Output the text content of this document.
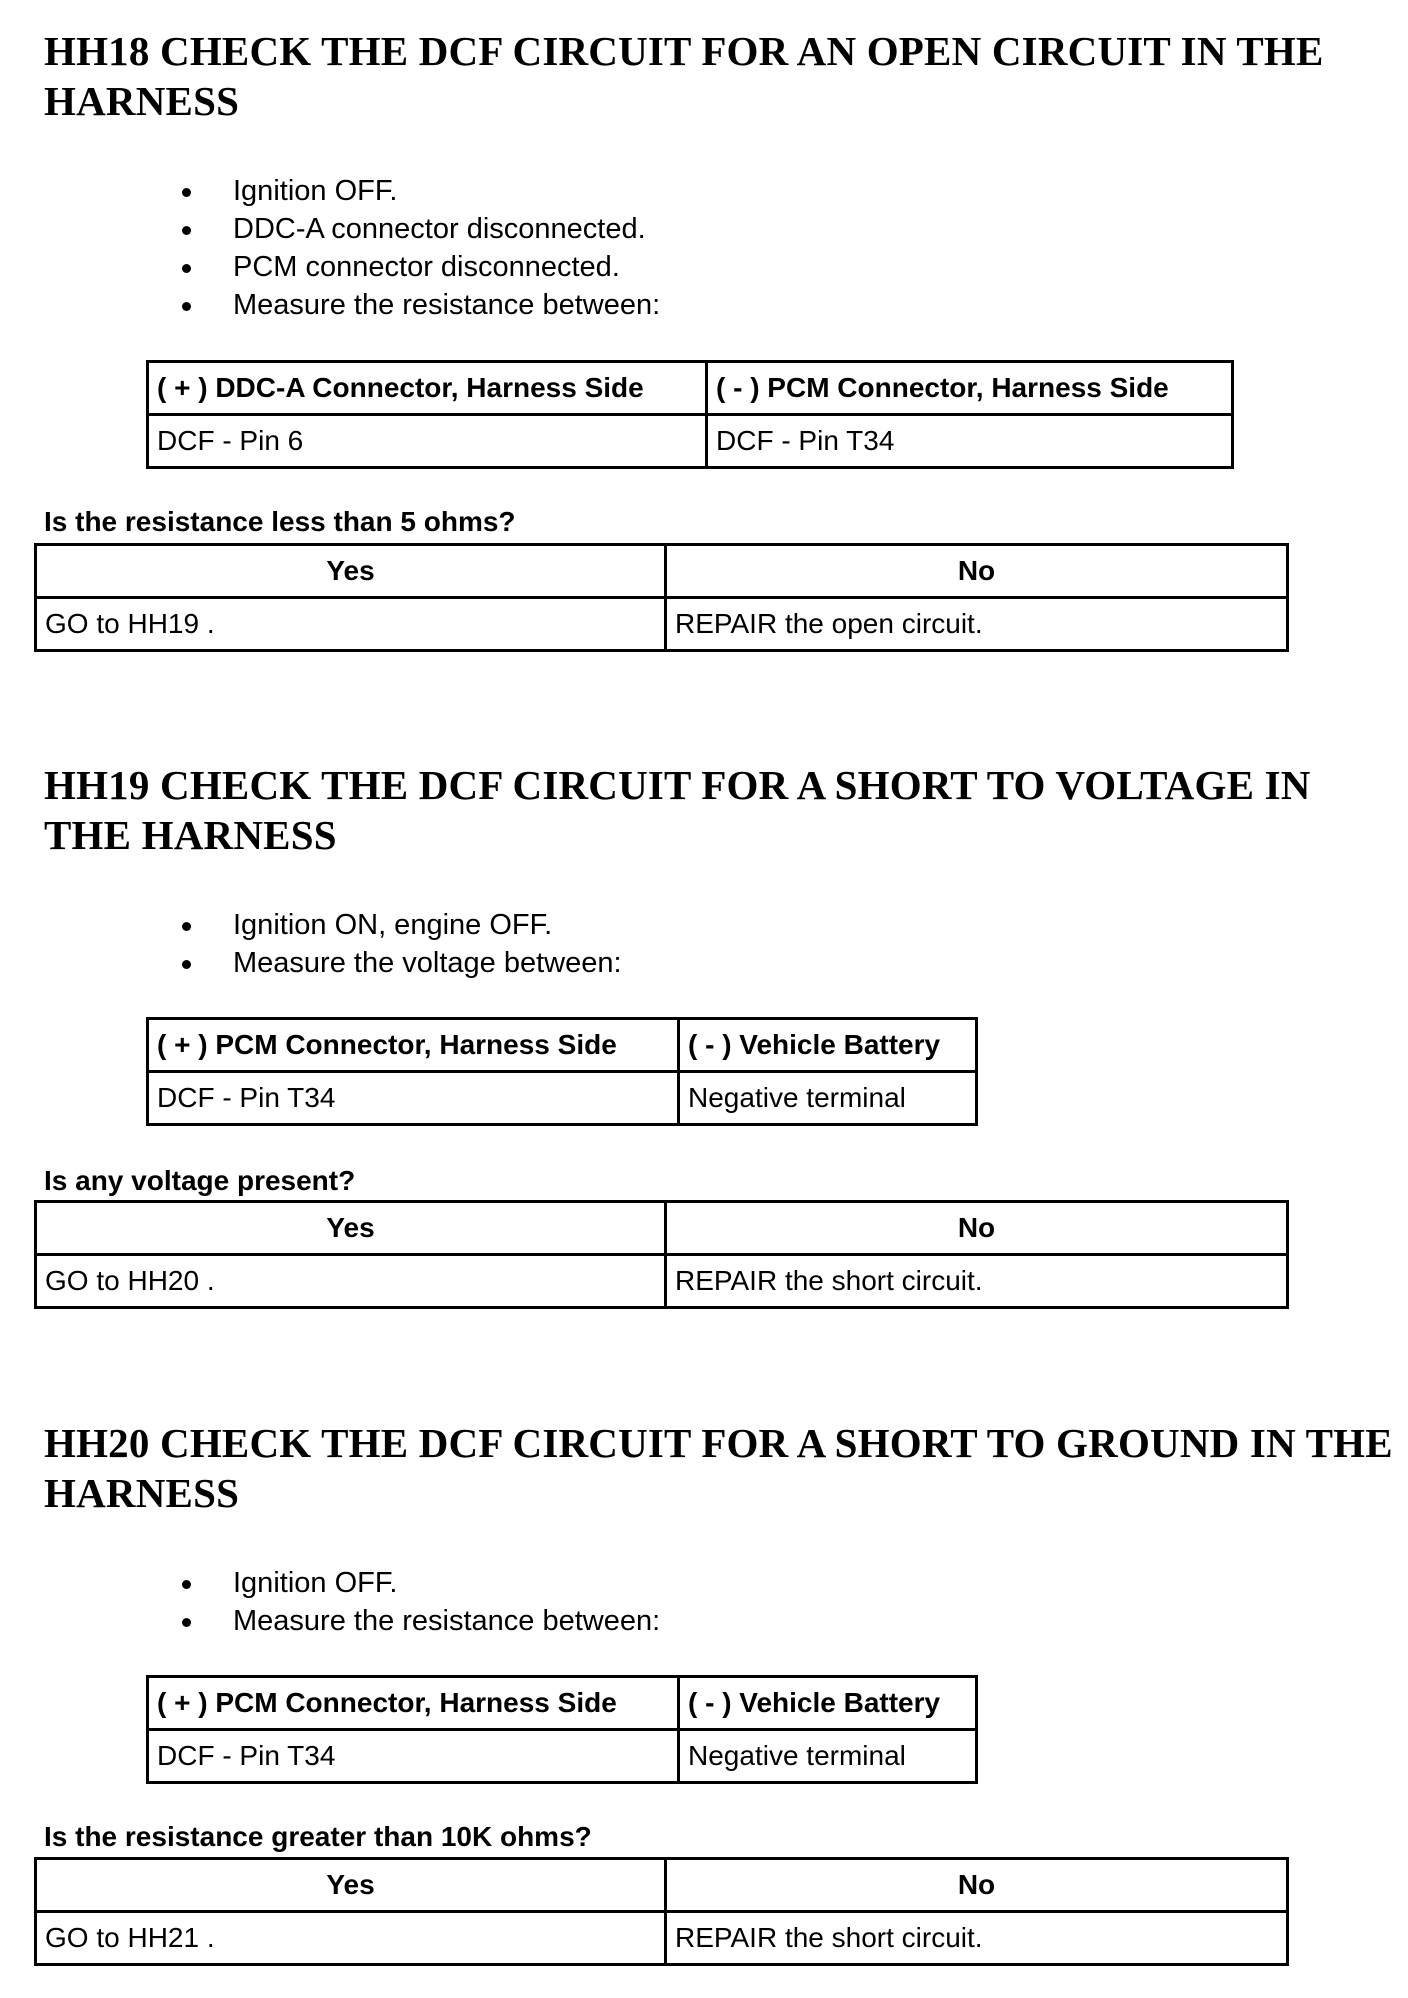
HH18 CHECK THE DCF CIRCUIT FOR AN OPEN CIRCUIT IN THE HARNESS
Ignition OFF.
DDC-A connector disconnected.
PCM connector disconnected.
Measure the resistance between:
( + ) DDC-A Connector, Harness Side	( - ) PCM Connector, Harness Side
DCF - Pin 6	DCF - Pin T34

Is the resistance less than 5 ohms?

Yes	No
GO to HH19 .	REPAIR the open circuit.
HH19 CHECK THE DCF CIRCUIT FOR A SHORT TO VOLTAGE IN THE HARNESS
Ignition ON, engine OFF.
Measure the voltage between:
( + ) PCM Connector, Harness Side	( - ) Vehicle Battery
DCF - Pin T34	Negative terminal

Is any voltage present?

Yes	No
GO to HH20 .	REPAIR the short circuit.
HH20 CHECK THE DCF CIRCUIT FOR A SHORT TO GROUND IN THE HARNESS
Ignition OFF.
Measure the resistance between:
( + ) PCM Connector, Harness Side	( - ) Vehicle Battery
DCF - Pin T34	Negative terminal

Is the resistance greater than 10K ohms?

Yes	No
GO to HH21 .	REPAIR the short circuit.
